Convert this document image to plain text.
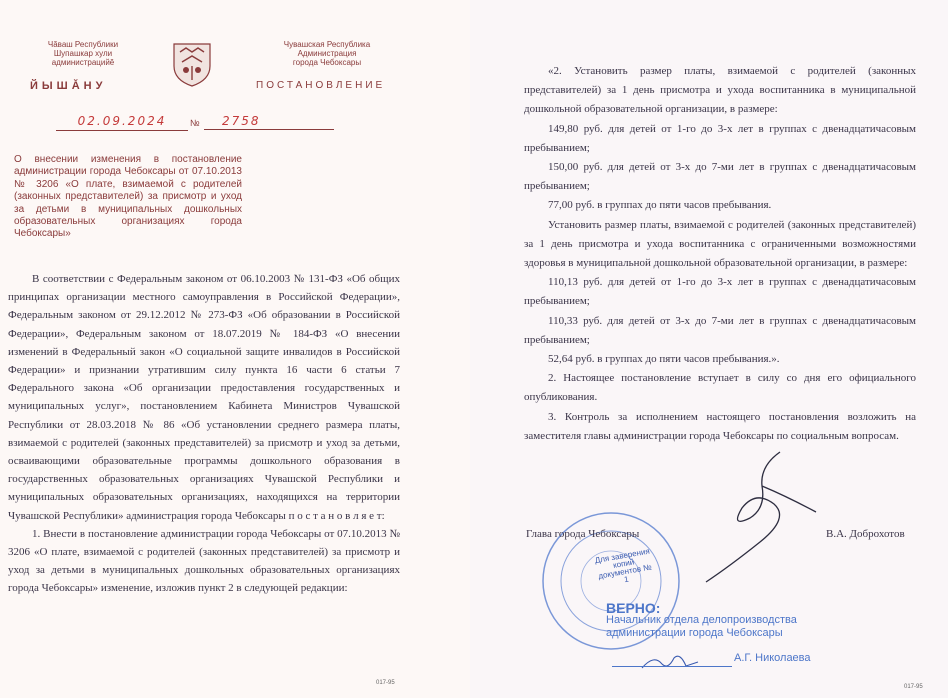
Чăваш Республики
Шупашкар хули
администрацийĕ
Чувашская Республика
Администрация
города Чебоксары
ЙЫШĂНУ	ПОСТАНОВЛЕНИЕ
02.09.2024	№	2758
О внесении изменения в постановление администрации города Чебоксары от 07.10.2013 № 3206 «О плате, взимаемой с родителей (законных представителей) за присмотр и уход за детьми в муниципальных дошкольных образовательных организациях города Чебоксары»

В соответствии с Федеральным законом от 06.10.2003 № 131-ФЗ «Об общих принципах организации местного самоуправления в Российской Федерации», Федеральным законом от 29.12.2012 № 273-ФЗ «Об образовании в Российской Федерации», Федеральным законом от 18.07.2019 № 184-ФЗ «О внесении изменений в Федеральный закон «О социальной защите инвалидов в Российской Федерации» и признании утратившим силу пункта 16 части 6 статьи 7 Федерального закона «Об организации предоставления государственных и муниципальных услуг», постановлением Кабинета Министров Чувашской Республики от 28.03.2018 № 86 «Об установлении среднего размера платы, взимаемой с родителей (законных представителей) за присмотр и уход за детьми, осваивающими образовательные программы дошкольного образования в государственных образовательных организациях Чувашской Республики и муниципальных образовательных организациях, находящихся на территории Чувашской Республики» администрация города Чебоксары п о с т а н о в л я е т:

1. Внести в постановление администрации города Чебоксары от 07.10.2013 № 3206 «О плате, взимаемой с родителей (законных представителей) за присмотр и уход за детьми в муниципальных дошкольных образовательных организациях города Чебоксары» изменение, изложив пункт 2 в следующей редакции:

017-95

«2. Установить размер платы, взимаемой с родителей (законных представителей) за 1 день присмотра и ухода воспитанника в муниципальной дошкольной образовательной организации, в размере:

149,80 руб. для детей от 1-го до 3-х лет в группах с двенадцатичасовым пребыванием;

150,00 руб. для детей от 3-х до 7-ми лет в группах с двенадцатичасовым пребыванием;

77,00 руб. в группах до пяти часов пребывания.

Установить размер платы, взимаемой с родителей (законных представителей) за 1 день присмотра и ухода воспитанника с ограниченными возможностями здоровья в муниципальной дошкольной образовательной организации, в размере:

110,13 руб. для детей от 1-го до 3-х лет в группах с двенадцатичасовым пребыванием;

110,33 руб. для детей от 3-х до 7-ми лет в группах с двенадцатичасовым пребыванием;

52,64 руб. в группах до пяти часов пребывания.».

2. Настоящее постановление вступает в силу со дня его официального опубликования.

3. Контроль за исполнением настоящего постановления возложить на заместителя главы администрации города Чебоксары по социальным вопросам.

Для заверения копий документов № 1
Глава города Чебоксары	В.А. Доброхотов
ВЕРНО:
Начальник отдела делопроизводства администрации города Чебоксары
А.Г. Николаева
017-95
